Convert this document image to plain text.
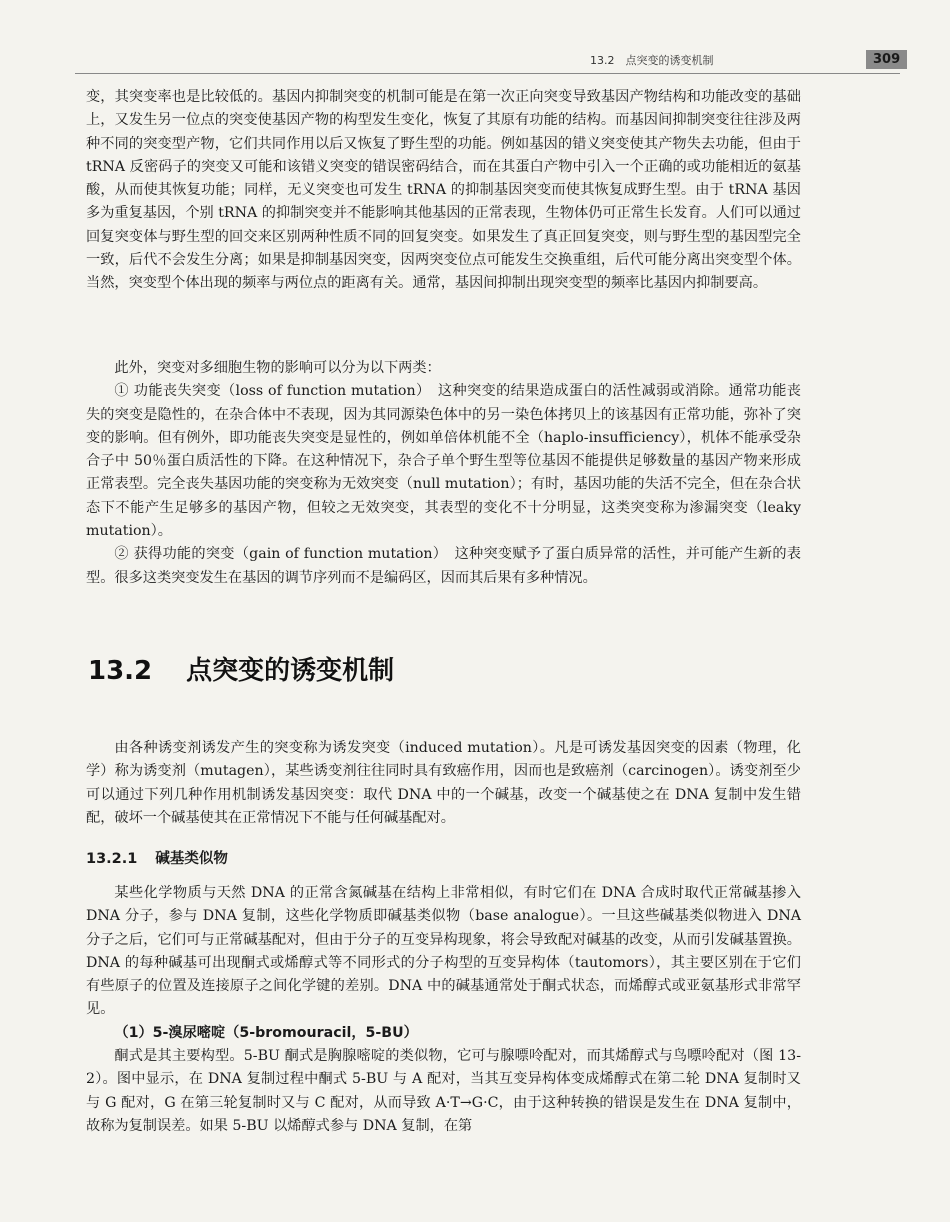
13.2　点突变的诱变机制	309

变，其突变率也是比较低的。基因内抑制突变的机制可能是在第一次正向突变导致基因产物结构和功能改变的基础上，又发生另一位点的突变使基因产物的构型发生变化，恢复了其原有功能的结构。而基因间抑制突变往往涉及两种不同的突变型产物，它们共同作用以后又恢复了野生型的功能。例如基因的错义突变使其产物失去功能，但由于 tRNA 反密码子的突变又可能和该错义突变的错误密码结合，而在其蛋白产物中引入一个正确的或功能相近的氨基酸，从而使其恢复功能；同样，无义突变也可发生 tRNA 的抑制基因突变而使其恢复成野生型。由于 tRNA 基因多为重复基因，个别 tRNA 的抑制突变并不能影响其他基因的正常表现，生物体仍可正常生长发育。人们可以通过回复突变体与野生型的回交来区别两种性质不同的回复突变。如果发生了真正回复突变，则与野生型的基因型完全一致，后代不会发生分离；如果是抑制基因突变，因两突变位点可能发生交换重组，后代可能分离出突变型个体。当然，突变型个体出现的频率与两位点的距离有关。通常，基因间抑制出现突变型的频率比基因内抑制要高。

此外，突变对多细胞生物的影响可以分为以下两类：

① 功能丧失突变（loss of function mutation）　这种突变的结果造成蛋白的活性减弱或消除。通常功能丧失的突变是隐性的，在杂合体中不表现，因为其同源染色体中的另一染色体拷贝上的该基因有正常功能，弥补了突变的影响。但有例外，即功能丧失突变是显性的，例如单倍体机能不全（haplo-insufficiency），机体不能承受杂合子中 50％蛋白质活性的下降。在这种情况下，杂合子单个野生型等位基因不能提供足够数量的基因产物来形成正常表型。完全丧失基因功能的突变称为无效突变（null mutation）；有时，基因功能的失活不完全，但在杂合状态下不能产生足够多的基因产物，但较之无效突变，其表型的变化不十分明显，这类突变称为渗漏突变（leaky mutation）。

② 获得功能的突变（gain of function mutation）　这种突变赋予了蛋白质异常的活性，并可能产生新的表型。很多这类突变发生在基因的调节序列而不是编码区，因而其后果有多种情况。

13.2 点突变的诱变机制

由各种诱变剂诱发产生的突变称为诱发突变（induced mutation）。凡是可诱发基因突变的因素（物理，化学）称为诱变剂（mutagen），某些诱变剂往往同时具有致癌作用，因而也是致癌剂（carcinogen）。诱变剂至少可以通过下列几种作用机制诱发基因突变：取代 DNA 中的一个碱基，改变一个碱基使之在 DNA 复制中发生错配，破坏一个碱基使其在正常情况下不能与任何碱基配对。

13.2.1 碱基类似物

某些化学物质与天然 DNA 的正常含氮碱基在结构上非常相似，有时它们在 DNA 合成时取代正常碱基掺入 DNA 分子，参与 DNA 复制，这些化学物质即碱基类似物（base analogue）。一旦这些碱基类似物进入 DNA 分子之后，它们可与正常碱基配对，但由于分子的互变异构现象，将会导致配对碱基的改变，从而引发碱基置换。DNA 的每种碱基可出现酮式或烯醇式等不同形式的分子构型的互变异构体（tautomors），其主要区别在于它们有些原子的位置及连接原子之间化学键的差别。DNA 中的碱基通常处于酮式状态，而烯醇式或亚氨基形式非常罕见。

（1）5-溴尿嘧啶（5-bromouracil，5-BU）

酮式是其主要构型。5-BU 酮式是胸腺嘧啶的类似物，它可与腺嘌呤配对，而其烯醇式与鸟嘌呤配对（图 13-2）。图中显示，在 DNA 复制过程中酮式 5-BU 与 A 配对，当其互变异构体变成烯醇式在第二轮 DNA 复制时又与 G 配对，G 在第三轮复制时又与 C 配对，从而导致 A·T→G·C，由于这种转换的错误是发生在 DNA 复制中，故称为复制误差。如果 5-BU 以烯醇式参与 DNA 复制，在第
